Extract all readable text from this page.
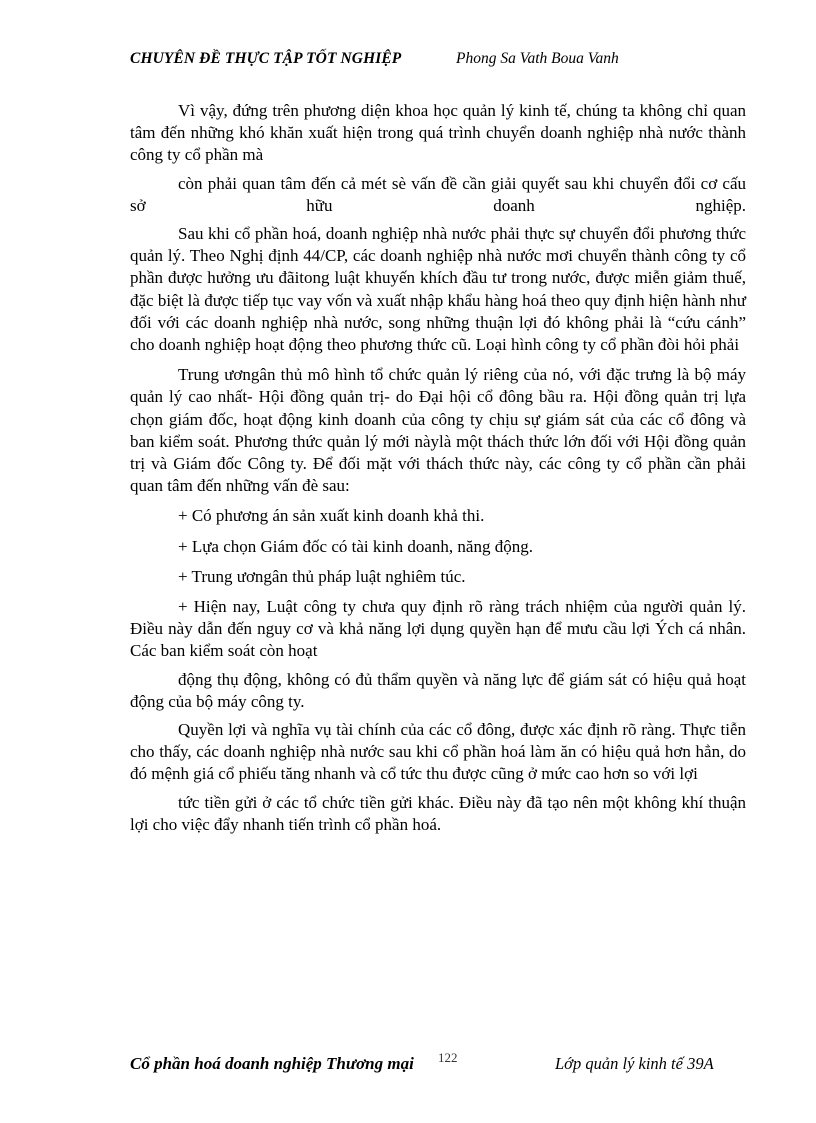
CHUYÊN ĐỀ THỰC TẬP TỐT NGHIỆP	Phong Sa Vath Boua Vanh

Vì vậy, đứng trên phương diện khoa học quản lý kinh tế, chúng ta không chỉ quan tâm đến những khó khăn xuất hiện trong quá trình chuyển doanh nghiệp nhà nước thành công ty cổ phần mà

còn phải quan tâm đến cả mét sè vấn đề cần giải quyết sau khi chuyển đổi cơ cấu sở hữu doanh nghiệp.

Sau khi cổ phần hoá, doanh nghiệp nhà nước phải thực sự chuyển đổi phương thức quản lý. Theo Nghị định 44/CP, các doanh nghiệp nhà nước mơi chuyển thành công ty cổ phần được hưởng ưu đãitong luật khuyến khích đầu tư trong nước, được miễn giảm thuế, đặc biệt là được tiếp tục vay vốn và xuất nhập khẩu hàng hoá theo quy định hiện hành như đối với các doanh nghiệp nhà nước, song những thuận lợi đó không phải là “cứu cánh” cho doanh nghiệp hoạt động theo phương thức cũ. Loại hình công ty cổ phần đòi hỏi phải

Trung ươngân thủ mô hình tổ chức quản lý riêng của nó, với đặc trưng là bộ máy quản lý cao nhất- Hội đồng quản trị- do Đại hội cổ đông bầu ra. Hội đồng quản trị lựa chọn giám đốc, hoạt động kinh doanh của công ty chịu sự giám sát của các cổ đông và ban kiểm soát. Phương thức quản lý mới nàylà một thách thức lớn đối với Hội đồng quản trị và Giám đốc Công ty. Để đối mặt với thách thức này, các công ty cổ phần cần phải quan tâm đến những vấn đè sau:

+ Có phương án sản xuất kinh doanh khả thi.

+ Lựa chọn Giám đốc có tài kinh doanh, năng động.

+ Trung ươngân thủ pháp luật nghiêm túc.

+ Hiện nay, Luật công ty chưa quy định rõ ràng trách nhiệm của người quản lý. Điều này dẫn đến nguy cơ và khả năng lợi dụng quyền hạn để mưu cầu lợi Ých cá nhân. Các ban kiểm soát còn hoạt

động thụ động, không có đủ thẩm quyền và năng lực để giám sát có hiệu quả hoạt động của bộ máy công ty.

Quyền lợi và nghĩa vụ tài chính của các cổ đông, được xác định rõ ràng. Thực tiễn cho thấy, các doanh nghiệp nhà nước sau khi cổ phần hoá làm ăn có hiệu quả hơn hẳn, do đó mệnh giá cổ phiếu tăng nhanh và cổ tức thu được cũng ở mức cao hơn so với lợi

tức tiền gửi ở các tổ chức tiền gửi khác. Điều này đã tạo nên một không khí thuận lợi cho việc đẩy nhanh tiến trình cổ phần hoá.

Cổ phần hoá doanh nghiệp Thương mại 122	Lớp quản lý kinh tế 39A
